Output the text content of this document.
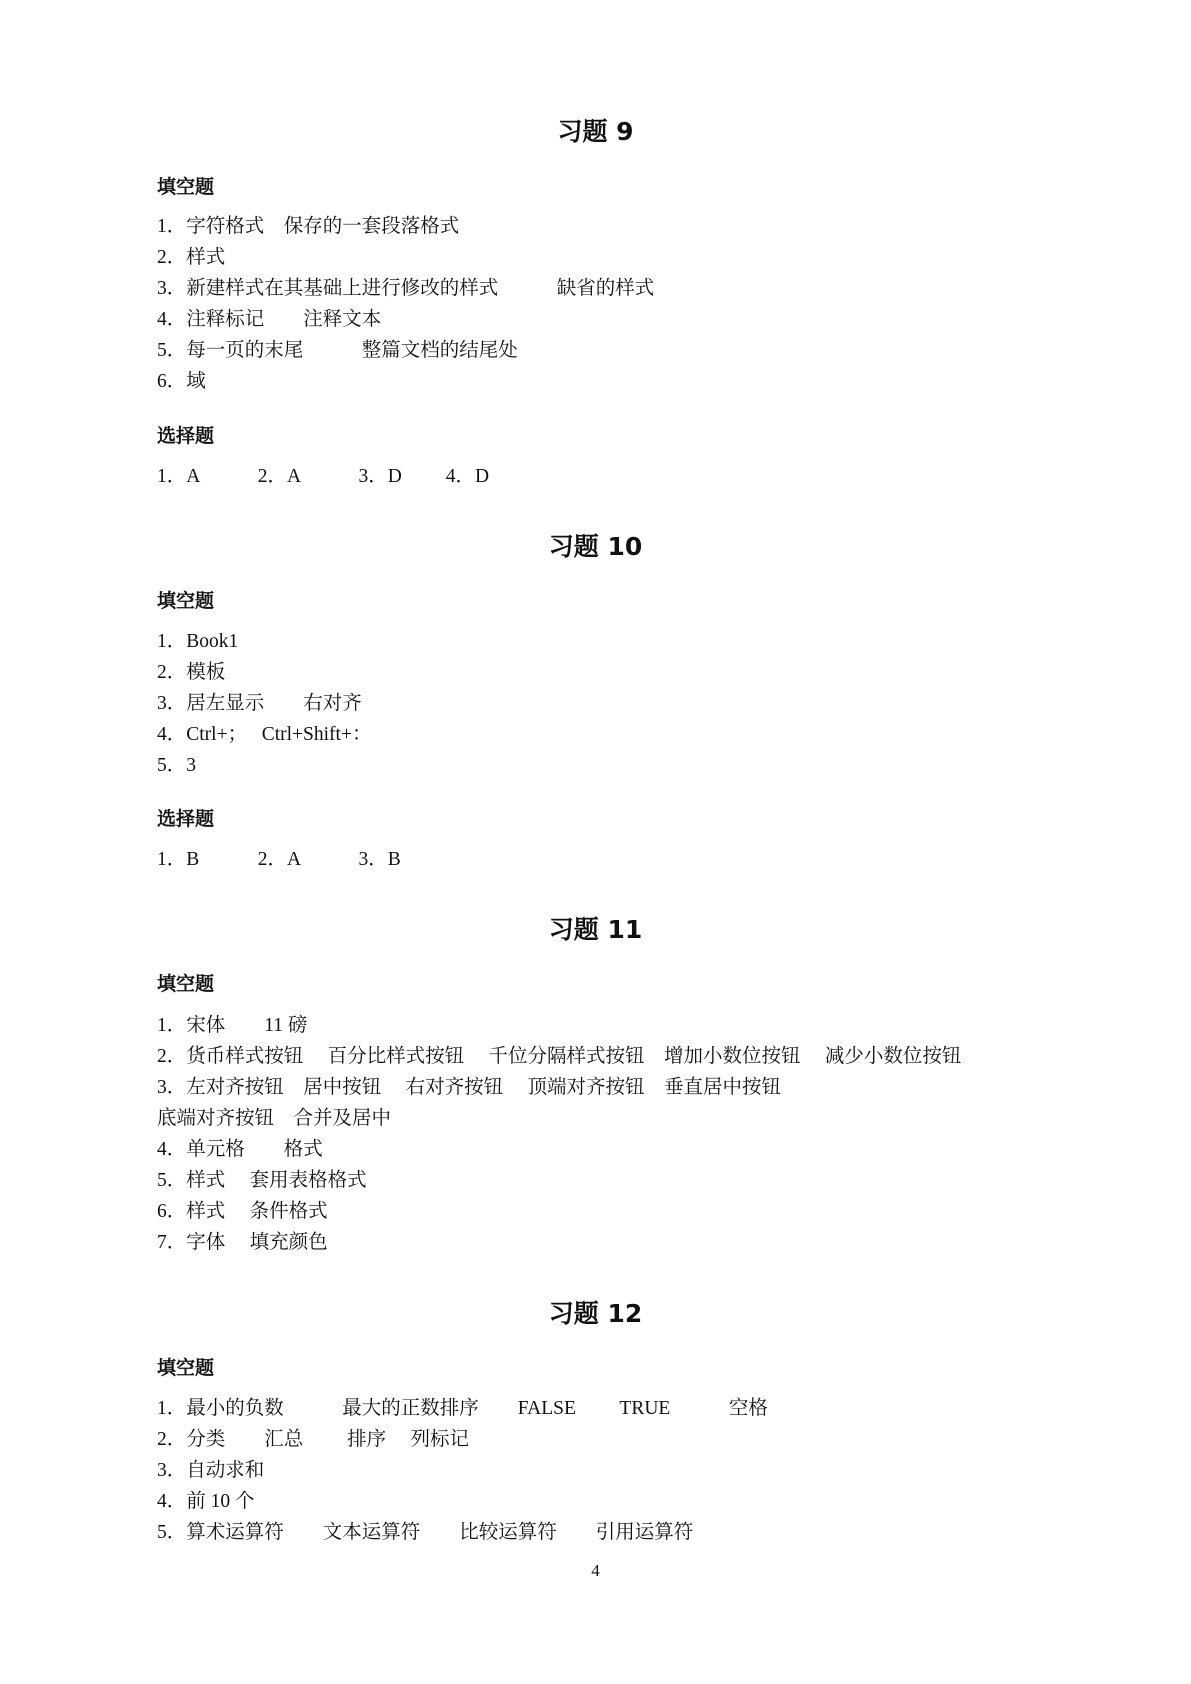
习题 9
填空题
1．字符格式　保存的一套段落格式
2．样式
3．新建样式在其基础上进行修改的样式　　　缺省的样式
4．注释标记　　注释文本
5．每一页的末尾　　　整篇文档的结尾处
6．域
选择题
1．A　　　2．A　　　3．D　　 4．D
习题 10
填空题
1．Book1
2．模板
3．居左显示　　右对齐
4．Ctrl+；　 Ctrl+Shift+：
5．3
选择题
1．B　　　2．A　　　3．B
习题 11
填空题
1．宋体　　11 磅
2．货币样式按钮　 百分比样式按钮　 千位分隔样式按钮　增加小数位按钮　 减少小数位按钮
3．左对齐按钮　居中按钮　 右对齐按钮　 顶端对齐按钮　垂直居中按钮
底端对齐按钮　合并及居中
4．单元格　　格式
5．样式　 套用表格格式
6．样式　 条件格式
7．字体　 填充颜色
习题 12
填空题
1．最小的负数　　　最大的正数排序　　FALSE　　 TRUE　　　空格
2．分类　　汇总　　 排序　 列标记
3．自动求和
4．前 10 个
5．算术运算符　　文本运算符　　比较运算符　　引用运算符
4
